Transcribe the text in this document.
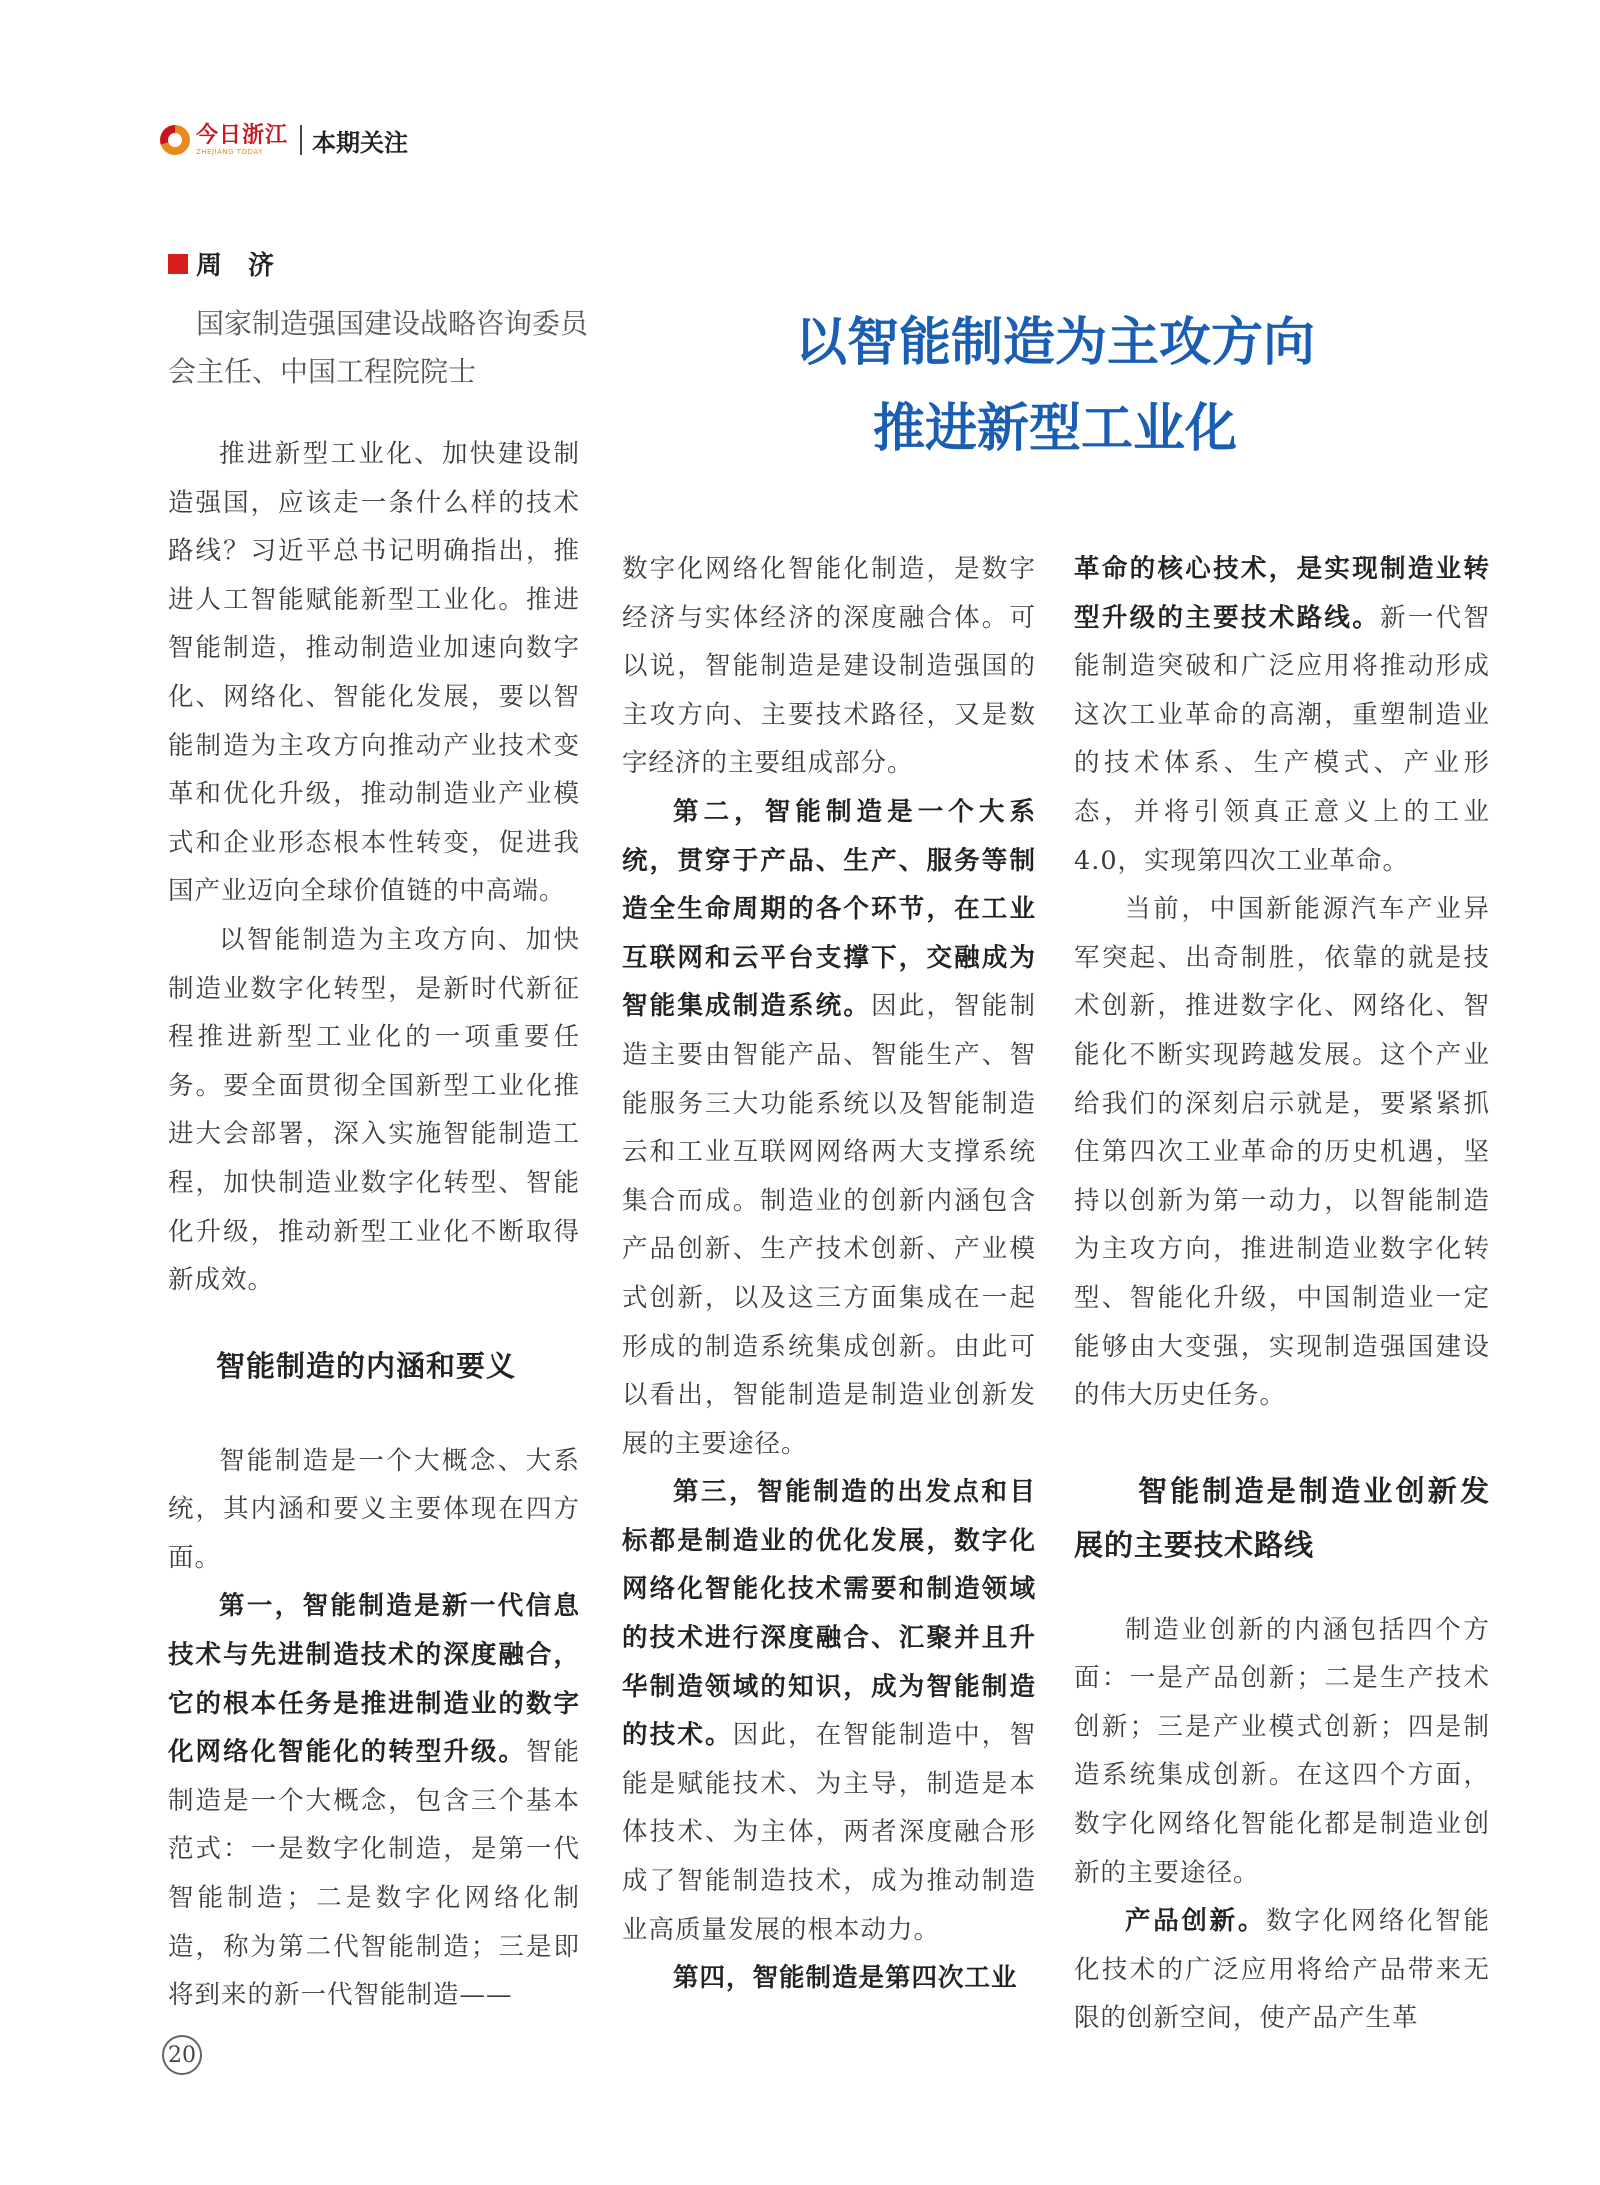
今日浙江
ZHEJIANG TODAY	本期关注
周　济

国家制造强国建设战略咨询委员会主任、中国工程院院士	以智能制造为主攻方向
推进新型工业化

推进新型工业化、加快建设制造强国，应该走一条什么样的技术路线？习近平总书记明确指出，推进人工智能赋能新型工业化。推进智能制造，推动制造业加速向数字化、网络化、智能化发展，要以智能制造为主攻方向推动产业技术变革和优化升级，推动制造业产业模式和企业形态根本性转变，促进我国产业迈向全球价值链的中高端。

以智能制造为主攻方向、加快制造业数字化转型，是新时代新征程推进新型工业化的一项重要任务。要全面贯彻全国新型工业化推进大会部署，深入实施智能制造工程，加快制造业数字化转型、智能化升级，推动新型工业化不断取得新成效。

智能制造的内涵和要义

智能制造是一个大概念、大系统，其内涵和要义主要体现在四方面。

第一，智能制造是新一代信息技术与先进制造技术的深度融合，它的根本任务是推进制造业的数字化网络化智能化的转型升级。智能制造是一个大概念，包含三个基本范式：一是数字化制造，是第一代智能制造；二是数字化网络化制造，称为第二代智能制造；三是即将到来的新一代智能制造——

数字化网络化智能化制造，是数字经济与实体经济的深度融合体。可以说，智能制造是建设制造强国的主攻方向、主要技术路径，又是数字经济的主要组成部分。

第二，智能制造是一个大系统，贯穿于产品、生产、服务等制造全生命周期的各个环节，在工业互联网和云平台支撑下，交融成为智能集成制造系统。因此，智能制造主要由智能产品、智能生产、智能服务三大功能系统以及智能制造云和工业互联网网络两大支撑系统集合而成。制造业的创新内涵包含产品创新、生产技术创新、产业模式创新，以及这三方面集成在一起形成的制造系统集成创新。由此可以看出，智能制造是制造业创新发展的主要途径。

第三，智能制造的出发点和目标都是制造业的优化发展，数字化网络化智能化技术需要和制造领域的技术进行深度融合、汇聚并且升华制造领域的知识，成为智能制造的技术。因此，在智能制造中，智能是赋能技术、为主导，制造是本体技术、为主体，两者深度融合形成了智能制造技术，成为推动制造业高质量发展的根本动力。

第四，智能制造是第四次工业

革命的核心技术，是实现制造业转型升级的主要技术路线。新一代智能制造突破和广泛应用将推动形成这次工业革命的高潮，重塑制造业的技术体系、生产模式、产业形态，并将引领真正意义上的工业4.0，实现第四次工业革命。

当前，中国新能源汽车产业异军突起、出奇制胜，依靠的就是技术创新，推进数字化、网络化、智能化不断实现跨越发展。这个产业给我们的深刻启示就是，要紧紧抓住第四次工业革命的历史机遇，坚持以创新为第一动力，以智能制造为主攻方向，推进制造业数字化转型、智能化升级，中国制造业一定能够由大变强，实现制造强国建设的伟大历史任务。

智能制造是制造业创新发展的主要技术路线

制造业创新的内涵包括四个方面：一是产品创新；二是生产技术创新；三是产业模式创新；四是制造系统集成创新。在这四个方面，数字化网络化智能化都是制造业创新的主要途径。

产品创新。数字化网络化智能化技术的广泛应用将给产品带来无限的创新空间，使产品产生革

20
